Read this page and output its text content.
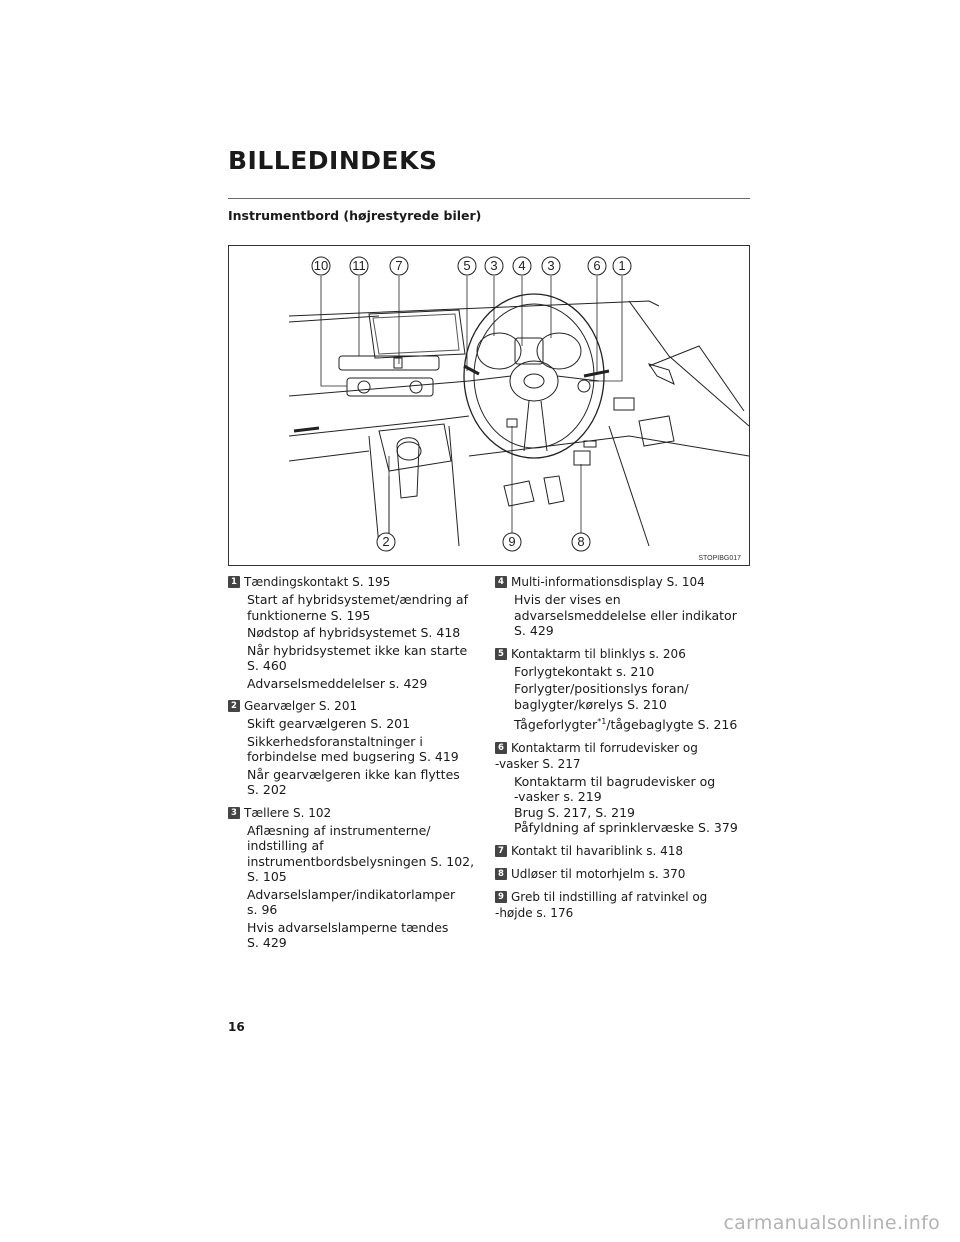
BILLEDINDEKS
Instrumentbord (højrestyrede biler)
10 11 7	5 3 4 3	6 1
2	9	8
STOPIBG017
1 Tændingskontakt S. 195
Start af hybridsystemet/ændring af
funktionerne S. 195
Nødstop af hybridsystemet S. 418
Når hybridsystemet ikke kan starte
S. 460
Advarselsmeddelelser s. 429
2 Gearvælger S. 201
Skift gearvælgeren S. 201
Sikkerhedsforanstaltninger i
forbindelse med bugsering S. 419
Når gearvælgeren ikke kan flyttes
S. 202
3 Tællere S. 102
Aflæsning af instrumenterne/
indstilling af
instrumentbordsbelysningen S. 102,
S. 105
Advarselslamper/indikatorlamper
s. 96
Hvis advarselslamperne tændes
S. 429
4 Multi-informationsdisplay S. 104
Hvis der vises en
advarselsmeddelelse eller indikator
S. 429
5 Kontaktarm til blinklys s. 206
Forlygtekontakt s. 210
Forlygter/positionslys foran/
baglygter/kørelys S. 210
Tågeforlygter$^{*1}$/tågebaglygte S. 216
6 Kontaktarm til forrudevisker og
-vasker S. 217
Kontaktarm til bagrudevisker og
-vasker s. 219
Brug S. 217, S. 219
Påfyldning af sprinklervæske S. 379
7 Kontakt til havariblink s. 418
8 Udløser til motorhjelm s. 370
9 Greb til indstilling af ratvinkel og
-højde s. 176
16
carmanualsonline.info
